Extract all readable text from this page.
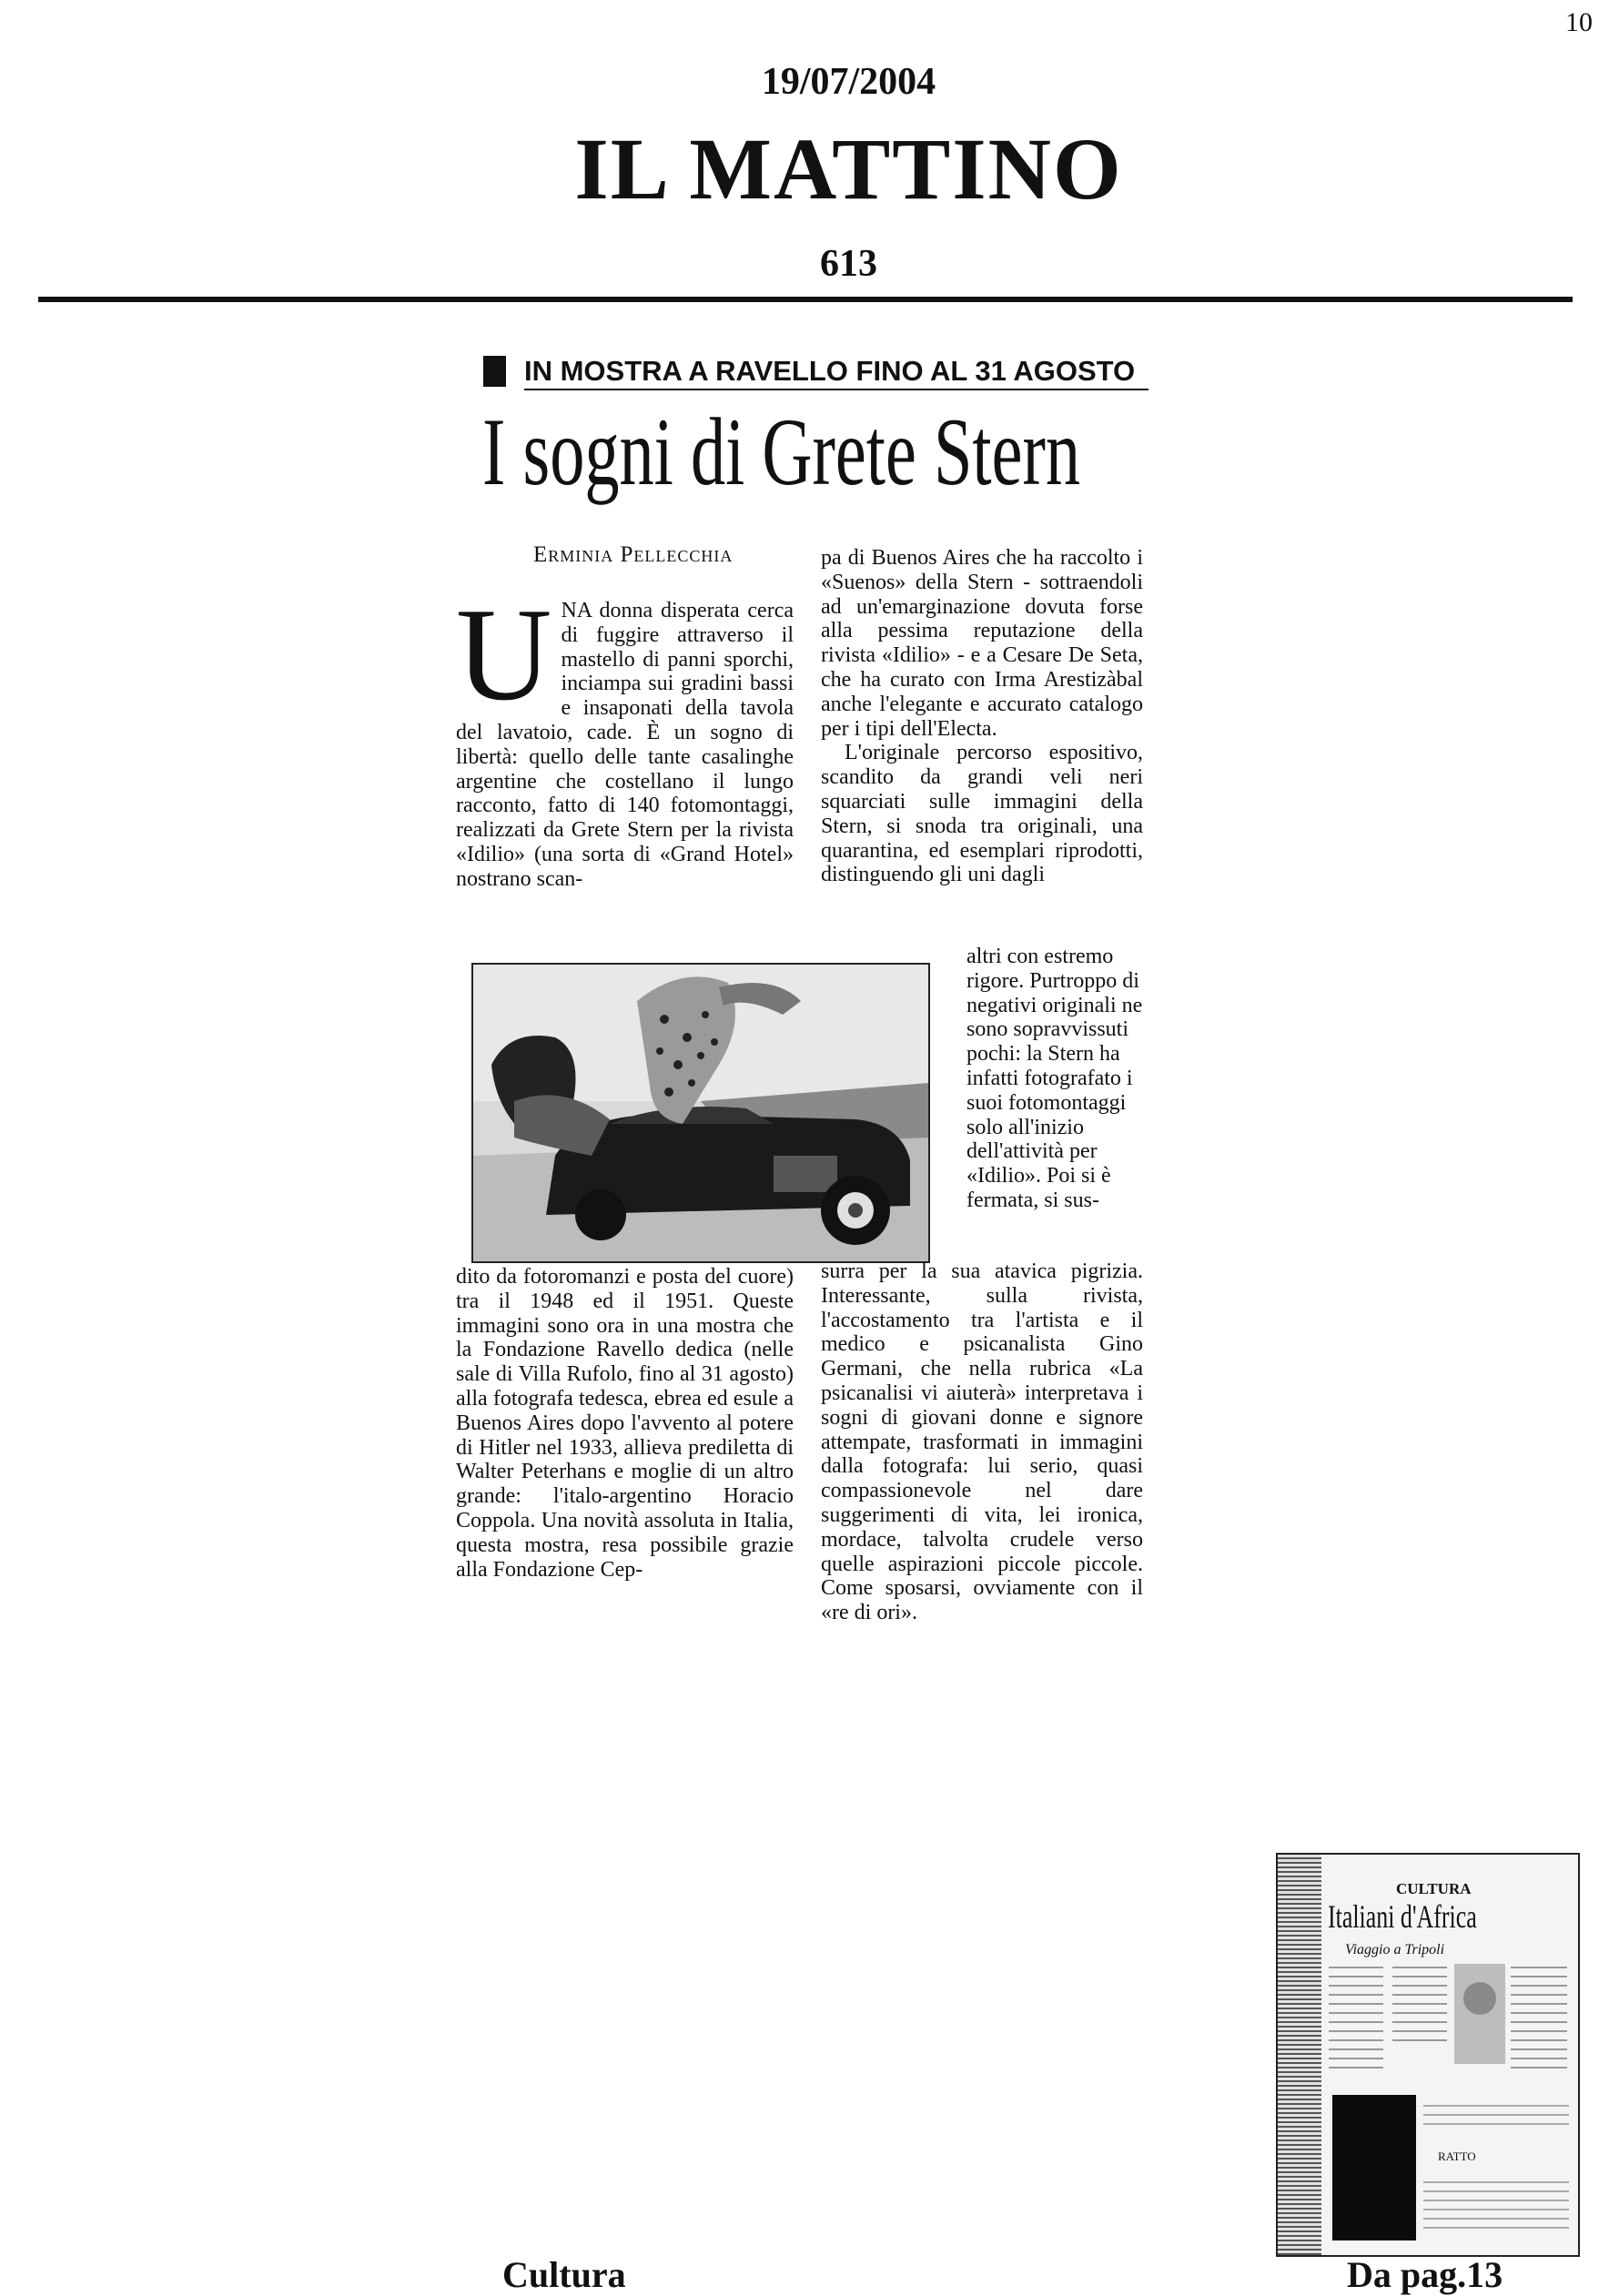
10
19/07/2004
IL MATTINO
613
IN MOSTRA A RAVELLO FINO AL 31 AGOSTO
I sogni di Grete Stern
Erminia Pellecchia
U NA donna disperata cerca di fuggire attraverso il mastello di panni sporchi, inciampa sui gradini bassi e insaponati della tavola del lavatoio, cade. È un sogno di libertà: quello delle tante casalinghe argentine che costellano il lungo racconto, fatto di 140 fotomontaggi, realizzati da Grete Stern per la rivista «Idilio» (una sorta di «Grand Hotel» nostrano scan-

dito da fotoromanzi e posta del cuore) tra il 1948 ed il 1951. Queste immagini sono ora in una mostra che la Fondazione Ravello dedica (nelle sale di Villa Rufolo, fino al 31 agosto) alla fotografa tedesca, ebrea ed esule a Buenos Aires dopo l'avvento al potere di Hitler nel 1933, allieva prediletta di Walter Peterhans e moglie di un altro grande: l'italo-argentino Horacio Coppola. Una novità assoluta in Italia, questa mostra, resa possibile grazie alla Fondazione Cep-

pa di Buenos Aires che ha raccolto i «Suenos» della Stern - sottraendoli ad un'emarginazione dovuta forse alla pessima reputazione della rivista «Idilio» - e a Cesare De Seta, che ha curato con Irma Arestizàbal anche l'elegante e accurato catalogo per i tipi dell'Electa.

L'originale percorso espositivo, scandito da grandi veli neri squarciati sulle immagini della Stern, si snoda tra originali, una quarantina, ed esemplari riprodotti, distinguendo gli uni dagli

altri con estremo rigore. Purtroppo di negativi originali ne sono sopravvissuti pochi: la Stern ha infatti fotografato i suoi fotomontaggi solo all'inizio dell'attività per «Idilio». Poi si è fermata, si sus-

surra per la sua atavica pigrizia. Interessante, sulla rivista, l'accostamento tra l'artista e il medico e psicanalista Gino Germani, che nella rubrica «La psicanalisi vi aiuterà» interpretava i sogni di giovani donne e signore attempate, trasformati in immagini dalla fotografa: lui serio, quasi compassionevole nel dare suggerimenti di vita, lei ironica, mordace, talvolta crudele verso quelle aspirazioni piccole piccole. Come sposarsi, ovviamente con il «re di ori».

CULTURA
Italiani d'Africa
Viaggio a Tripoli
RATTO
Cultura	Da pag.13
